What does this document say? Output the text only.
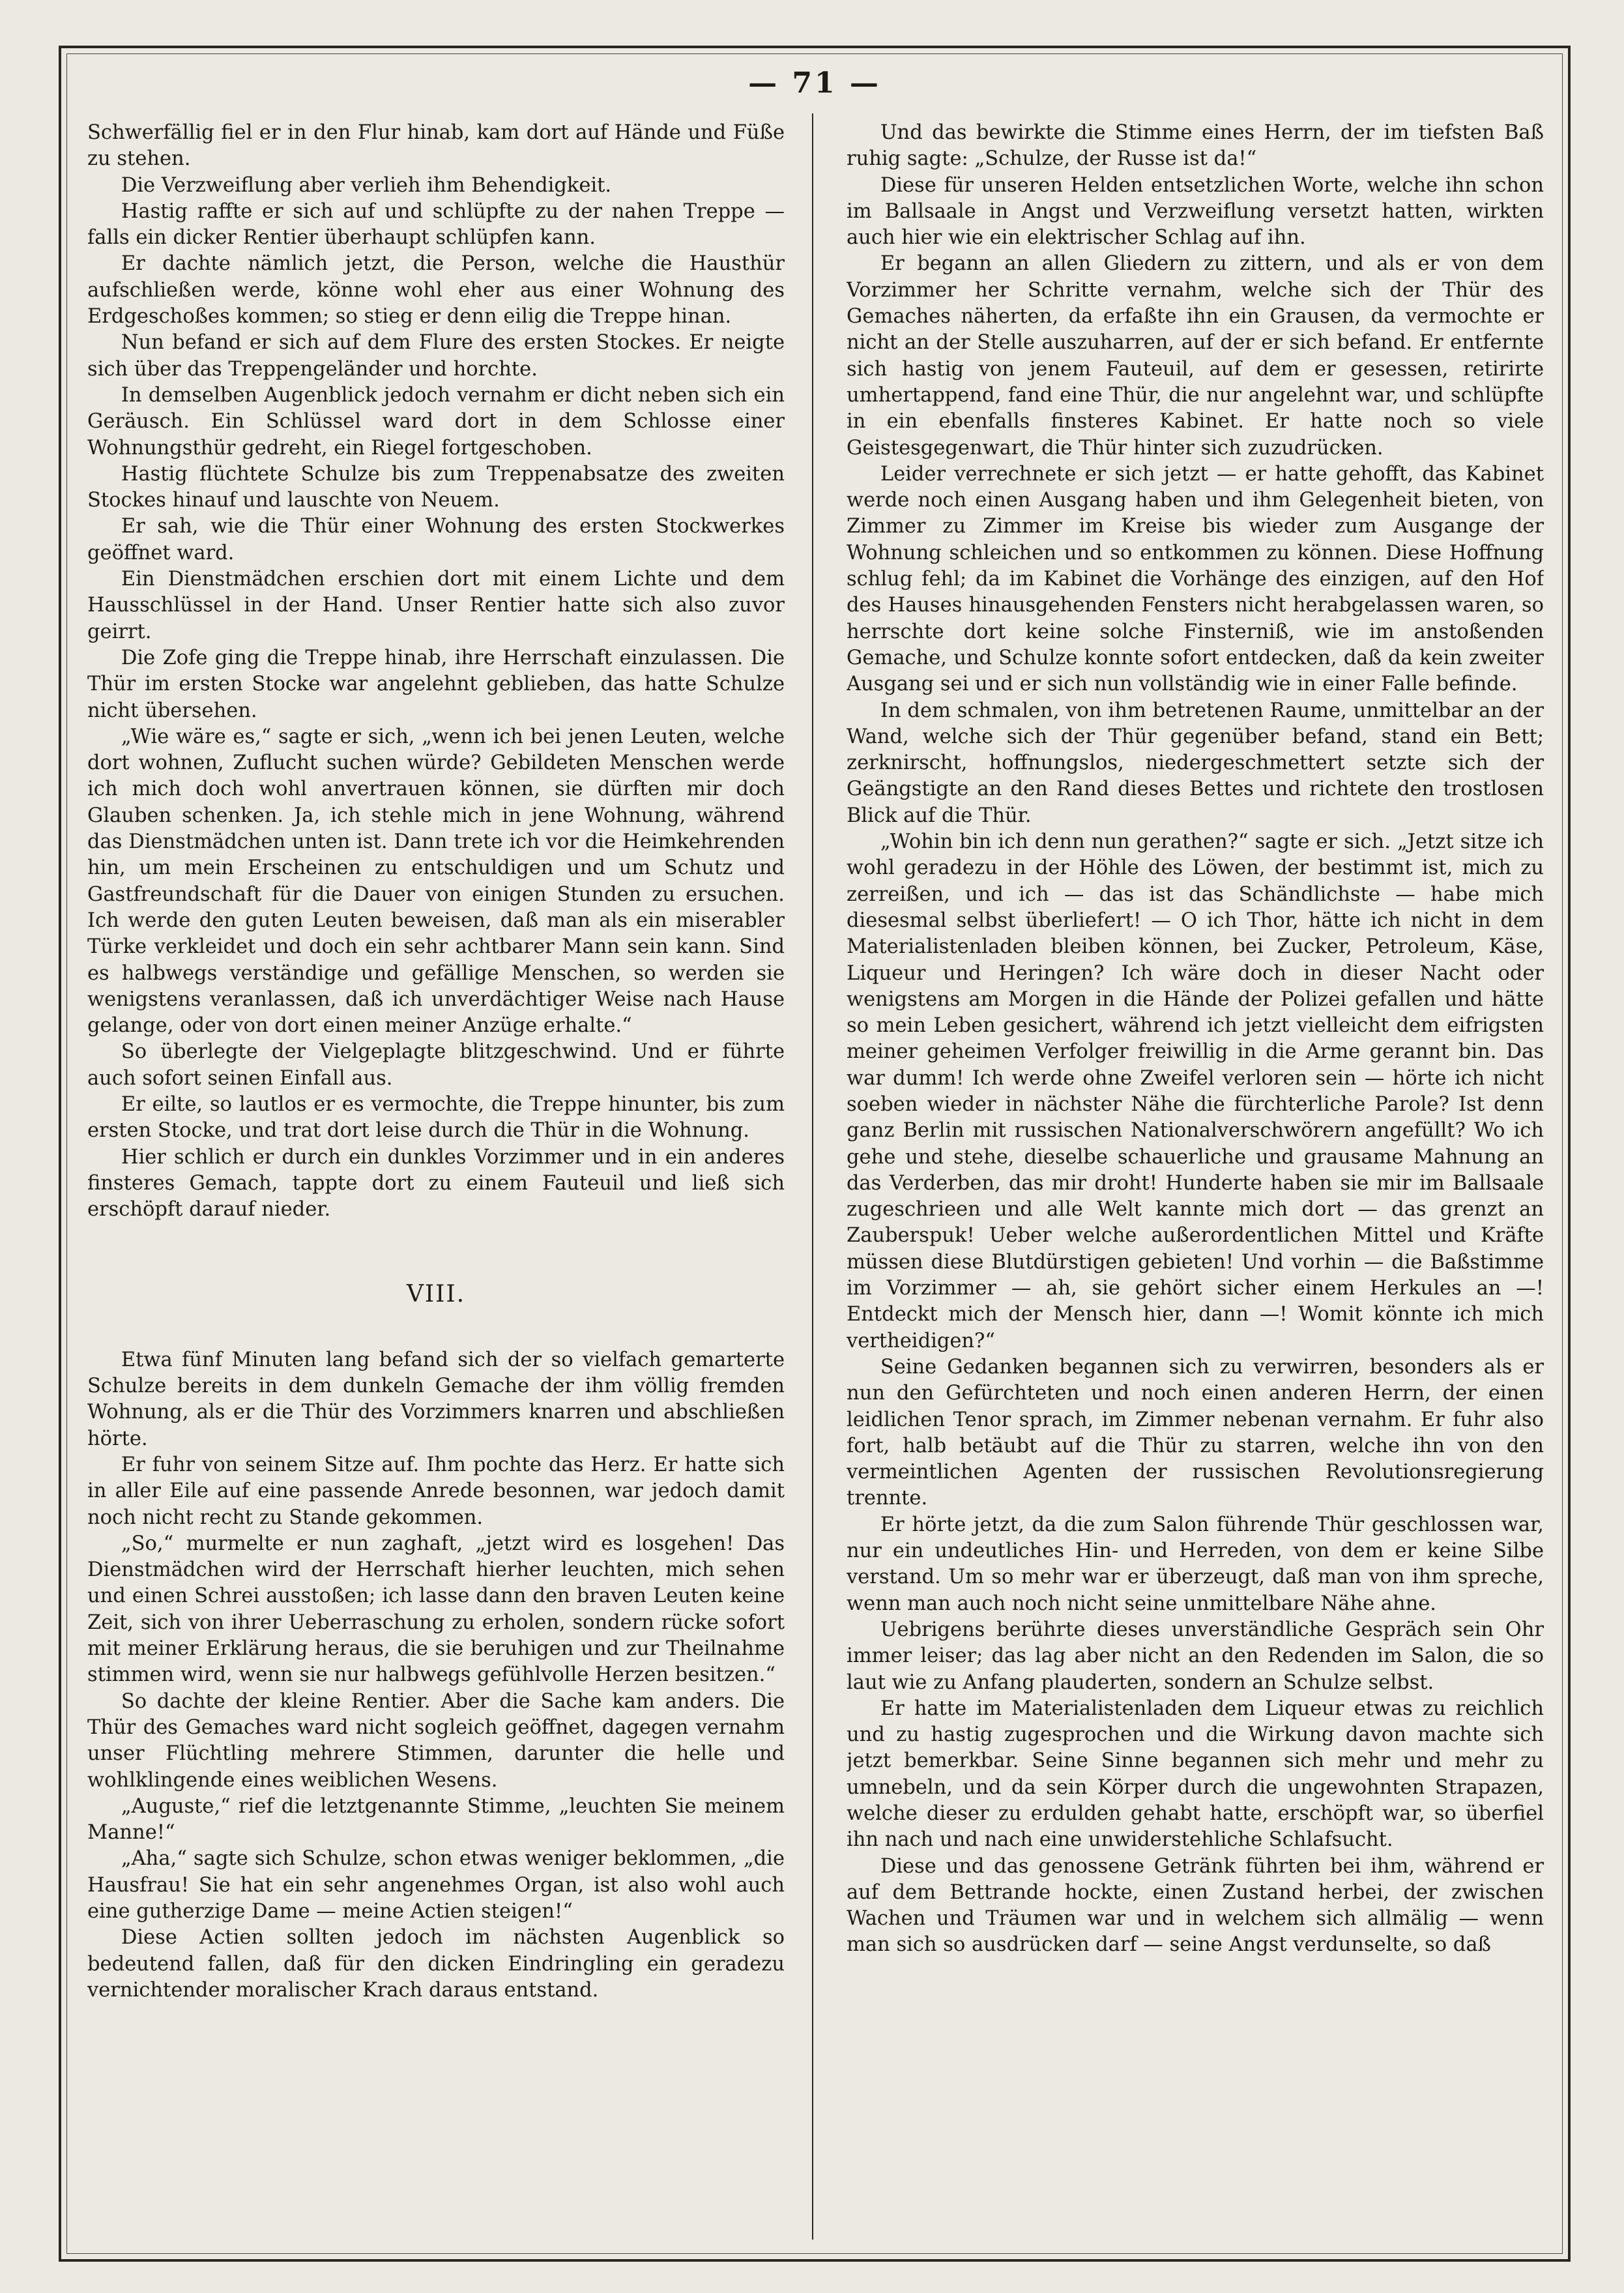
— 71 —

Schwerfällig fiel er in den Flur hinab, kam dort auf Hände und Füße zu stehen.

Die Verzweiflung aber verlieh ihm Behendigkeit.

Hastig raffte er sich auf und schlüpfte zu der nahen Treppe — falls ein dicker Rentier überhaupt schlüpfen kann.

Er dachte nämlich jetzt, die Person, welche die Hausthür aufschließen werde, könne wohl eher aus einer Wohnung des Erdgeschoßes kommen; so stieg er denn eilig die Treppe hinan.

Nun befand er sich auf dem Flure des ersten Stockes. Er neigte sich über das Treppengeländer und horchte.

In demselben Augenblick jedoch vernahm er dicht neben sich ein Geräusch. Ein Schlüssel ward dort in dem Schlosse einer Wohnungsthür gedreht, ein Riegel fortgeschoben.

Hastig flüchtete Schulze bis zum Treppenabsatze des zweiten Stockes hinauf und lauschte von Neuem.

Er sah, wie die Thür einer Wohnung des ersten Stockwerkes geöffnet ward.

Ein Dienstmädchen erschien dort mit einem Lichte und dem Hausschlüssel in der Hand. Unser Rentier hatte sich also zuvor geirrt.

Die Zofe ging die Treppe hinab, ihre Herrschaft einzulassen. Die Thür im ersten Stocke war angelehnt geblieben, das hatte Schulze nicht übersehen.

„Wie wäre es,“ sagte er sich, „wenn ich bei jenen Leuten, welche dort wohnen, Zuflucht suchen würde? Gebildeten Menschen werde ich mich doch wohl anvertrauen können, sie dürften mir doch Glauben schenken. Ja, ich stehle mich in jene Wohnung, während das Dienstmädchen unten ist. Dann trete ich vor die Heimkehrenden hin, um mein Erscheinen zu entschuldigen und um Schutz und Gastfreundschaft für die Dauer von einigen Stunden zu ersuchen. Ich werde den guten Leuten beweisen, daß man als ein miserabler Türke verkleidet und doch ein sehr achtbarer Mann sein kann. Sind es halbwegs verständige und gefällige Menschen, so werden sie wenigstens veranlassen, daß ich unverdächtiger Weise nach Hause gelange, oder von dort einen meiner Anzüge erhalte.“

So überlegte der Vielgeplagte blitzgeschwind. Und er führte auch sofort seinen Einfall aus.

Er eilte, so lautlos er es vermochte, die Treppe hinunter, bis zum ersten Stocke, und trat dort leise durch die Thür in die Wohnung.

Hier schlich er durch ein dunkles Vorzimmer und in ein anderes finsteres Gemach, tappte dort zu einem Fauteuil und ließ sich erschöpft darauf nieder.

VIII.

Etwa fünf Minuten lang befand sich der so vielfach gemarterte Schulze bereits in dem dunkeln Gemache der ihm völlig fremden Wohnung, als er die Thür des Vorzimmers knarren und abschließen hörte.

Er fuhr von seinem Sitze auf. Ihm pochte das Herz. Er hatte sich in aller Eile auf eine passende Anrede besonnen, war jedoch damit noch nicht recht zu Stande gekommen.

„So,“ murmelte er nun zaghaft, „jetzt wird es losgehen! Das Dienstmädchen wird der Herrschaft hierher leuchten, mich sehen und einen Schrei ausstoßen; ich lasse dann den braven Leuten keine Zeit, sich von ihrer Ueberraschung zu erholen, sondern rücke sofort mit meiner Erklärung heraus, die sie beruhigen und zur Theilnahme stimmen wird, wenn sie nur halbwegs gefühlvolle Herzen besitzen.“

So dachte der kleine Rentier. Aber die Sache kam anders. Die Thür des Gemaches ward nicht sogleich geöffnet, dagegen vernahm unser Flüchtling mehrere Stimmen, darunter die helle und wohlklingende eines weiblichen Wesens.

„Auguste,“ rief die letztgenannte Stimme, „leuchten Sie meinem Manne!“

„Aha,“ sagte sich Schulze, schon etwas weniger beklommen, „die Hausfrau! Sie hat ein sehr angenehmes Organ, ist also wohl auch eine gutherzige Dame — meine Actien steigen!“

Diese Actien sollten jedoch im nächsten Augenblick so bedeutend fallen, daß für den dicken Eindringling ein geradezu vernichtender moralischer Krach daraus entstand.

Und das bewirkte die Stimme eines Herrn, der im tiefsten Baß ruhig sagte: „Schulze, der Russe ist da!“

Diese für unseren Helden entsetzlichen Worte, welche ihn schon im Ballsaale in Angst und Verzweiflung versetzt hatten, wirkten auch hier wie ein elektrischer Schlag auf ihn.

Er begann an allen Gliedern zu zittern, und als er von dem Vorzimmer her Schritte vernahm, welche sich der Thür des Gemaches näherten, da erfaßte ihn ein Grausen, da vermochte er nicht an der Stelle auszuharren, auf der er sich befand. Er entfernte sich hastig von jenem Fauteuil, auf dem er gesessen, retirirte umhertappend, fand eine Thür, die nur angelehnt war, und schlüpfte in ein ebenfalls finsteres Kabinet. Er hatte noch so viele Geistesgegenwart, die Thür hinter sich zuzudrücken.

Leider verrechnete er sich jetzt — er hatte gehofft, das Kabinet werde noch einen Ausgang haben und ihm Gelegenheit bieten, von Zimmer zu Zimmer im Kreise bis wieder zum Ausgange der Wohnung schleichen und so entkommen zu können. Diese Hoffnung schlug fehl; da im Kabinet die Vorhänge des einzigen, auf den Hof des Hauses hinausgehenden Fensters nicht herabgelassen waren, so herrschte dort keine solche Finsterniß, wie im anstoßenden Gemache, und Schulze konnte sofort entdecken, daß da kein zweiter Ausgang sei und er sich nun vollständig wie in einer Falle befinde.

In dem schmalen, von ihm betretenen Raume, unmittelbar an der Wand, welche sich der Thür gegenüber befand, stand ein Bett; zerknirscht, hoffnungslos, niedergeschmettert setzte sich der Geängstigte an den Rand dieses Bettes und richtete den trostlosen Blick auf die Thür.

„Wohin bin ich denn nun gerathen?“ sagte er sich. „Jetzt sitze ich wohl geradezu in der Höhle des Löwen, der bestimmt ist, mich zu zerreißen, und ich — das ist das Schändlichste — habe mich diesesmal selbst überliefert! — O ich Thor, hätte ich nicht in dem Materialistenladen bleiben können, bei Zucker, Petroleum, Käse, Liqueur und Heringen? Ich wäre doch in dieser Nacht oder wenigstens am Morgen in die Hände der Polizei gefallen und hätte so mein Leben gesichert, während ich jetzt vielleicht dem eifrigsten meiner geheimen Verfolger freiwillig in die Arme gerannt bin. Das war dumm! Ich werde ohne Zweifel verloren sein — hörte ich nicht soeben wieder in nächster Nähe die fürchterliche Parole? Ist denn ganz Berlin mit russischen Nationalverschwörern angefüllt? Wo ich gehe und stehe, dieselbe schauerliche und grausame Mahnung an das Verderben, das mir droht! Hunderte haben sie mir im Ballsaale zugeschrieen und alle Welt kannte mich dort — das grenzt an Zauberspuk! Ueber welche außerordentlichen Mittel und Kräfte müssen diese Blutdürstigen gebieten! Und vorhin — die Baßstimme im Vorzimmer — ah, sie gehört sicher einem Herkules an —! Entdeckt mich der Mensch hier, dann —! Womit könnte ich mich vertheidigen?“

Seine Gedanken begannen sich zu verwirren, besonders als er nun den Gefürchteten und noch einen anderen Herrn, der einen leidlichen Tenor sprach, im Zimmer nebenan vernahm. Er fuhr also fort, halb betäubt auf die Thür zu starren, welche ihn von den vermeintlichen Agenten der russischen Revolutionsregierung trennte.

Er hörte jetzt, da die zum Salon führende Thür geschlossen war, nur ein undeutliches Hin- und Herreden, von dem er keine Silbe verstand. Um so mehr war er überzeugt, daß man von ihm spreche, wenn man auch noch nicht seine unmittelbare Nähe ahne.

Uebrigens berührte dieses unverständliche Gespräch sein Ohr immer leiser; das lag aber nicht an den Redenden im Salon, die so laut wie zu Anfang plauderten, sondern an Schulze selbst.

Er hatte im Materialistenladen dem Liqueur etwas zu reichlich und zu hastig zugesprochen und die Wirkung davon machte sich jetzt bemerkbar. Seine Sinne begannen sich mehr und mehr zu umnebeln, und da sein Körper durch die ungewohnten Strapazen, welche dieser zu erdulden gehabt hatte, erschöpft war, so überfiel ihn nach und nach eine unwiderstehliche Schlafsucht.

Diese und das genossene Getränk führten bei ihm, während er auf dem Bettrande hockte, einen Zustand herbei, der zwischen Wachen und Träumen war und in welchem sich allmälig — wenn man sich so ausdrücken darf — seine Angst verdunselte, so daß
